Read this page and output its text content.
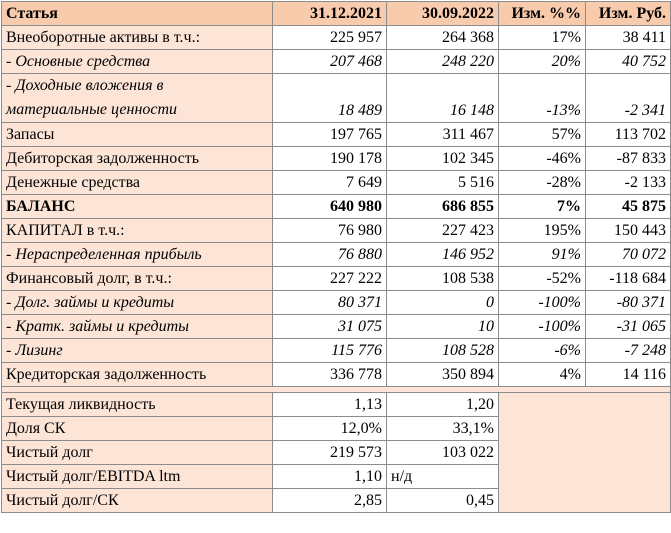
Статья	31.12.2021	30.09.2022	Изм. %%	Изм. Руб.
Внеоборотные активы в т.ч.:	225 957	264 368	17%	38 411
- Основные средства	207 468	248 220	20%	40 752
- Доходные вложения в материальные ценности	18 489	16 148	-13%	-2 341
Запасы	197 765	311 467	57%	113 702
Дебиторская задолженность	190 178	102 345	-46%	-87 833
Денежные средства	7 649	5 516	-28%	-2 133
БАЛАНС	640 980	686 855	7%	45 875
КАПИТАЛ в т.ч.:	76 980	227 423	195%	150 443
- Нераспределенная прибыль	76 880	146 952	91%	70 072
Финансовый долг, в т.ч.:	227 222	108 538	-52%	-118 684
- Долг. займы и кредиты	80 371	0	-100%	-80 371
- Кратк. займы и кредиты	31 075	10	-100%	-31 065
- Лизинг	115 776	108 528	-6%	-7 248
Кредиторская задолженность	336 778	350 894	4%	14 116

Текущая ликвидность	1,13	1,20		
Доля СК	12,0%	33,1%		
Чистый долг	219 573	103 022		
Чистый долг/EBITDA ltm	1,10	н/д		
Чистый долг/СК	2,85	0,45		
